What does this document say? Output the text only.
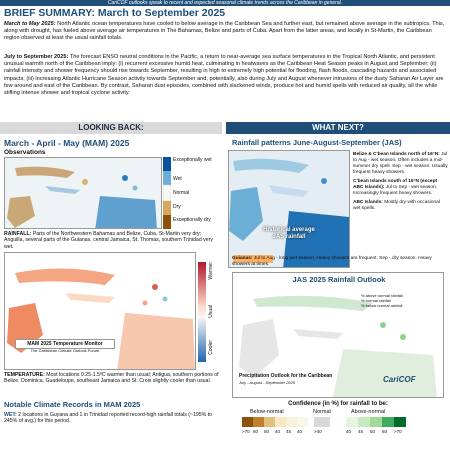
CariCOF outlooks speak to recent and expected seasonal climate trends across the Caribbean in general.
BRIEF SUMMARY: March to September 2025
March to May 2025: North Atlantic ocean temperatures have cooled to below average in the Caribbean Sea and further east, but remained above average in the subtropics. This, along with drought, has fueled above average air temperatures in The Bahamas, Belize and parts of Cuba. Apart from the latter areas, and locally in St-Martin, the Caribbean region observed at least the usual rainfall totals.
July to September 2025: The forecast ENSO neutral conditions in the Pacific, a return to near-average sea surface temperatures in the Tropical North Atlantic, and persistent unusual warmth north of the Caribbean imply: (i) recurrent excessive humid heat, culminating in heatwaves as the Caribbean Heat Season peaks in August and September; (ii) rainfall intensity and shower frequency should rise towards September, resulting in high to extremely high potential for flooding, flash floods, cascading hazards and associated impacts; (iii) increasing Atlantic Hurricane Season activity towards September and, potentially, also during July and August whenever intrusions of the dusty Saharan Air Layer are few around and east of the Caribbean. By contrast, Saharan dust episodes, combined with slackened winds, produce hot and humid spells with reduced air quality, all the while stifling intense shower and tropical cyclone activity.
LOOKING BACK:
March - April - May (MAM) 2025
Observations
Exceptionally wet
Wet
Normal
Dry
Exceptionally dry
RAINFALL: Parts of the Northwestern Bahamas and Belize, Cuba, St-Martin very dry; Anguilla, several parts of the Guianas, central Jamaica, St. Thomas, southern Trinidad very wet.
MAM 2025 Temperature Monitor
The Caribbean Climate Outlook Forum
Warmer
Usual
Cooler
TEMPERATURE: Most locations 0.25-1.5ºC warmer than usual; Antigua, southern portions of Belize, Dominica, Guadeloupe, southeast Jamaica and St. Croix slightly cooler than usual.
Notable Climate Records in MAM 2025
WET: 2 locations in Guyana and 1 in Trinidad reported record-high rainfall totals (~195% to 245% of avg.) for this period.
WHAT NEXT?
Rainfall patterns June-August-September (JAS)
Historical average JAS rainfall
Belize & C'bean Islands north of 16°N: Jul to Aug - wet season. Often includes a mid-summer dry spell. Sep - wet season. Usually frequent heavy showers.
C'bean Islands south of 16°N (except ABC Islands): Jul to Sep - wet season. Increasingly frequent heavy showers.
ABC Islands: Mostly dry with occasional wet spells.
Guianas: Jul to Aug - long wet season. Heavy showers are frequent. Sep - dry season. Heavy showers at times.
JAS 2025 Rainfall Outlook
% above normal rainfall
% normal rainfall
% below normal rainfall
Precipitation Outlook for the Caribbean
July - August - September 2025	CariCOF
Confidence (in %) for rainfall to be:
Below-normal	Normal	Above-normal
>70 60	50	40	45	40	>40	40	45	50	60	>70
